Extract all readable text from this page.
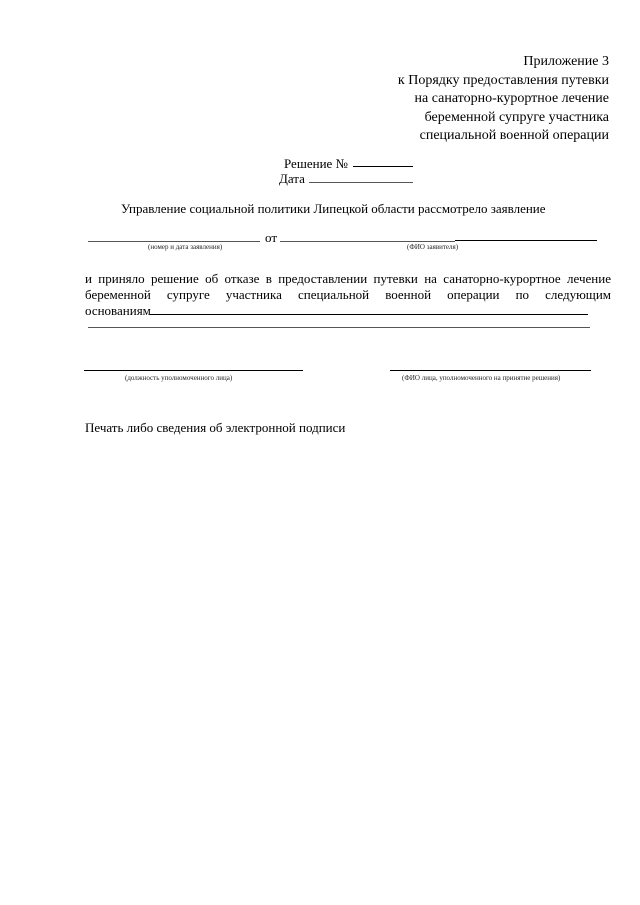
Приложение 3
к Порядку предоставления путевки
на санаторно-курортное лечение
беременной супруге участника
специальной военной операции
Решение №
Дата
Управление социальной политики Липецкой области рассмотрело заявление
от
(номер и дата заявления)	(ФИО заявителя)
и приняло решение об отказе в предоставлении путевки на санаторно-курортное лечение
беременной супруге участника специальной военной операции по следующим
основаниям
(должность уполномоченного лица)	(ФИО лица, уполномоченного на принятие решения)
Печать либо сведения об электронной подписи
